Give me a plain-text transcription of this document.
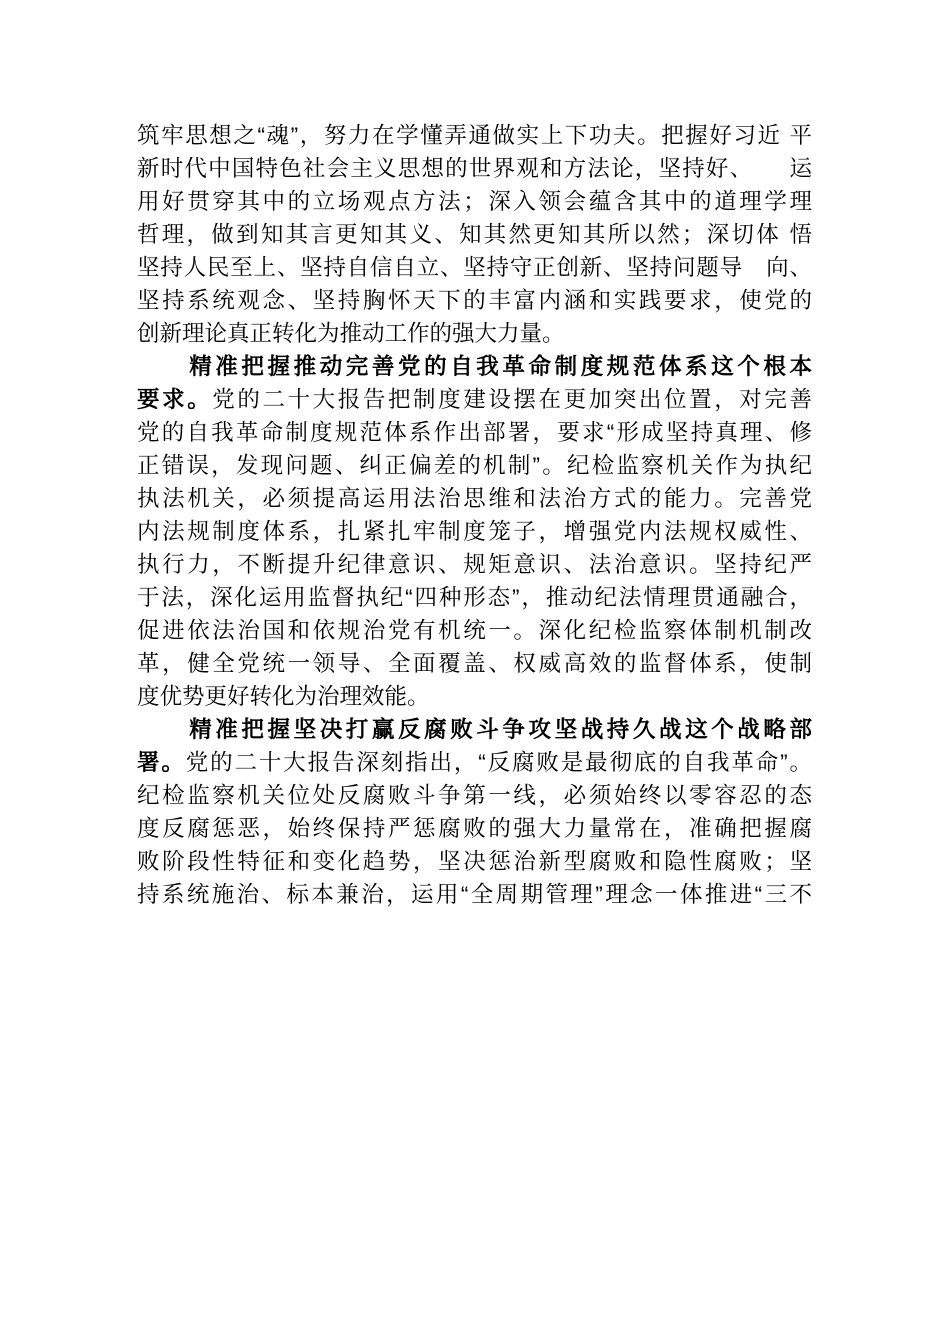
筑牢思想之“魂”，努力在学懂弄通做实上下功夫。把握好习近 平
新时代中国特色社会主义思想的世界观和方法论，坚持好、　　运
用好贯穿其中的立场观点方法；深入领会蕴含其中的道理学理
哲理，做到知其言更知其义、知其然更知其所以然；深切体 悟
坚持人民至上、坚持自信自立、坚持守正创新、坚持问题导　向、
坚持系统观念、坚持胸怀天下的丰富内涵和实践要求，使党的
创新理论真正转化为推动工作的强大力量。
　　精准把握推动完善党的自我革命制度规范体系这个根本
要求。党的二十大报告把制度建设摆在更加突出位置，对完善
党的自我革命制度规范体系作出部署，要求“形成坚持真理、修
正错误，发现问题、纠正偏差的机制”。纪检监察机关作为执纪
执法机关，必须提高运用法治思维和法治方式的能力。完善党
内法规制度体系，扎紧扎牢制度笼子，增强党内法规权威性、
执行力，不断提升纪律意识、规矩意识、法治意识。坚持纪严
于法，深化运用监督执纪“四种形态”，推动纪法情理贯通融合，
促进依法治国和依规治党有机统一。深化纪检监察体制机制改
革，健全党统一领导、全面覆盖、权威高效的监督体系，使制
度优势更好转化为治理效能。
　　精准把握坚决打赢反腐败斗争攻坚战持久战这个战略部
署。党的二十大报告深刻指出，“反腐败是最彻底的自我革命”。
纪检监察机关位处反腐败斗争第一线，必须始终以零容忍的态
度反腐惩恶，始终保持严惩腐败的强大力量常在，准确把握腐
败阶段性特征和变化趋势，坚决惩治新型腐败和隐性腐败；坚
持系统施治、标本兼治，运用“全周期管理”理念一体推进“三不
